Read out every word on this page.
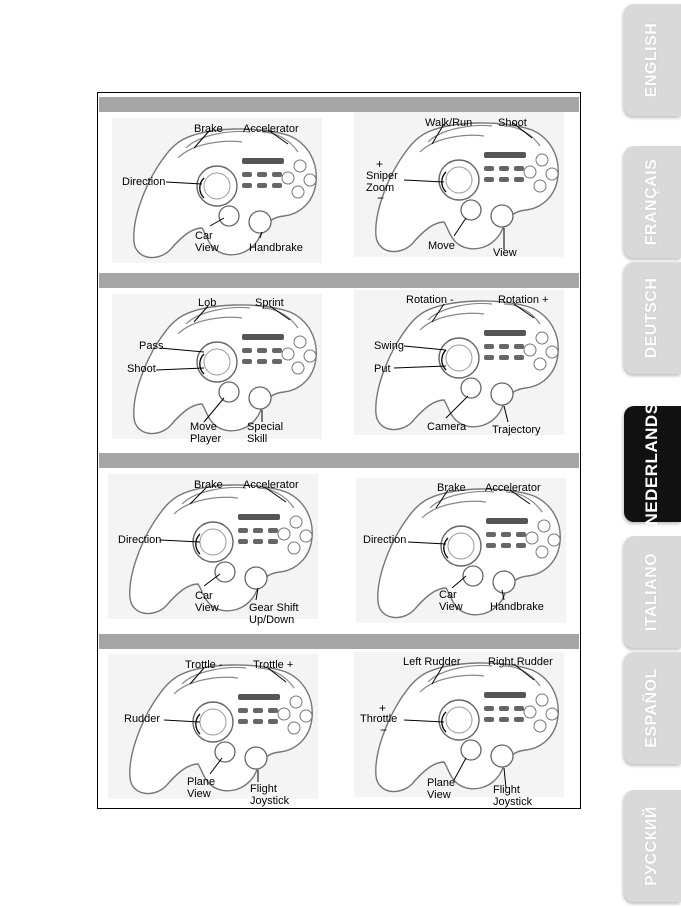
ENGLISH
FRANÇAIS
DEUTSCH
NEDERLANDS
ITALIANO
ESPAÑOL
РУССКИЙ
Brake Accelerator
Direction
Car
View	Handbrake
Walk/Run Shoot
+
Sniper
Zoom
−
Move
View
Lob	Sprint
Pass
Shoot
Move
Player
Special
Skill
Rotation -	Rotation +
Swing
Put
Camera Trajectory
Brake Accelerator
Direction
Car
View	Gear Shift
Up/Down
Brake Accelerator
Direction
Car
View Handbrake
Trottle -	Trottle +
Rudder
Plane
View	Flight
Joystick
Left Rudder	Right Rudder
+
Throttle
−
Plane
View	Flight
Joystick
